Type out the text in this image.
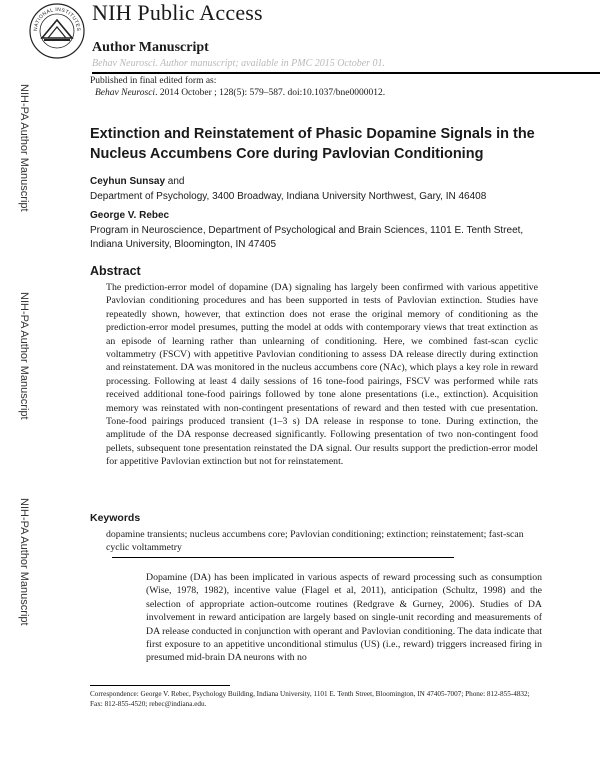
NATIONAL INSTITUTES
NIH Public Access
Author Manuscript
Behav Neurosci. Author manuscript; available in PMC 2015 October 01.
Published in final edited form as:
Behav Neurosci. 2014 October ; 128(5): 579–587. doi:10.1037/bne0000012.
NIH-PA Author Manuscript
NIH-PA Author Manuscript
NIH-PA Author Manuscript
Extinction and Reinstatement of Phasic Dopamine Signals in the Nucleus Accumbens Core during Pavlovian Conditioning
Ceyhun Sunsay and
Department of Psychology, 3400 Broadway, Indiana University Northwest, Gary, IN 46408
George V. Rebec
Program in Neuroscience, Department of Psychological and Brain Sciences, 1101 E. Tenth Street, Indiana University, Bloomington, IN 47405
Abstract
The prediction-error model of dopamine (DA) signaling has largely been confirmed with various appetitive Pavlovian conditioning procedures and has been supported in tests of Pavlovian extinction. Studies have repeatedly shown, however, that extinction does not erase the original memory of conditioning as the prediction-error model presumes, putting the model at odds with contemporary views that treat extinction as an episode of learning rather than unlearning of conditioning. Here, we combined fast-scan cyclic voltammetry (FSCV) with appetitive Pavlovian conditioning to assess DA release directly during extinction and reinstatement. DA was monitored in the nucleus accumbens core (NAc), which plays a key role in reward processing. Following at least 4 daily sessions of 16 tone-food pairings, FSCV was performed while rats received additional tone-food pairings followed by tone alone presentations (i.e., extinction). Acquisition memory was reinstated with non-contingent presentations of reward and then tested with cue presentation. Tone-food pairings produced transient (1–3 s) DA release in response to tone. During extinction, the amplitude of the DA response decreased significantly. Following presentation of two non-contingent food pellets, subsequent tone presentation reinstated the DA signal. Our results support the prediction-error model for appetitive Pavlovian extinction but not for reinstatement.
Keywords
dopamine transients; nucleus accumbens core; Pavlovian conditioning; extinction; reinstatement; fast-scan cyclic voltammetry
Dopamine (DA) has been implicated in various aspects of reward processing such as consumption (Wise, 1978, 1982), incentive value (Flagel et al, 2011), anticipation (Schultz, 1998) and the selection of appropriate action-outcome routines (Redgrave & Gurney, 2006). Studies of DA involvement in reward anticipation are largely based on single-unit recording and measurements of DA release conducted in conjunction with operant and Pavlovian conditioning. The data indicate that first exposure to an appetitive unconditional stimulus (US) (i.e., reward) triggers increased firing in presumed mid-brain DA neurons with no
Correspondence: George V. Rebec, Psychology Building, Indiana University, 1101 E. Tenth Street, Bloomington, IN 47405-7007; Phone: 812-855-4832; Fax: 812-855-4520; rebec@indiana.edu.
